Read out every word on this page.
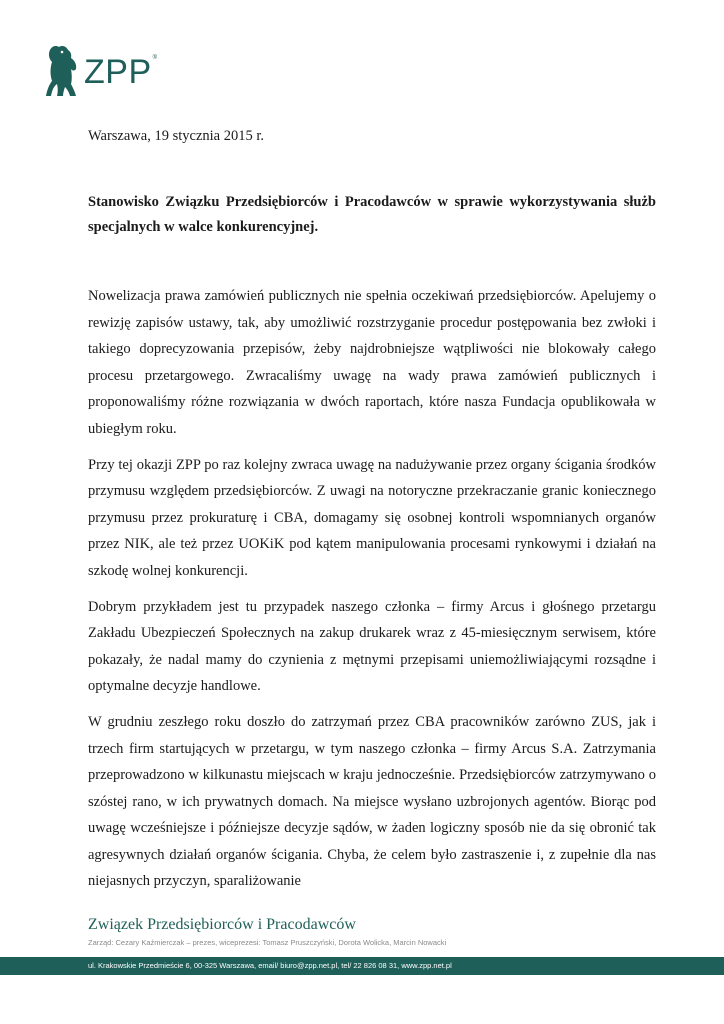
ZPP ®
Warszawa, 19 stycznia 2015 r.
Stanowisko Związku Przedsiębiorców i Pracodawców w sprawie wykorzystywania służb specjalnych w walce konkurencyjnej.

Nowelizacja prawa zamówień publicznych nie spełnia oczekiwań przedsiębiorców. Apelujemy o rewizję zapisów ustawy, tak, aby umożliwić rozstrzyganie procedur postępowania bez zwłoki i takiego doprecyzowania przepisów, żeby najdrobniejsze wątpliwości nie blokowały całego procesu przetargowego. Zwracaliśmy uwagę na wady prawa zamówień publicznych i proponowaliśmy różne rozwiązania w dwóch raportach, które nasza Fundacja opublikowała w ubiegłym roku.

Przy tej okazji ZPP po raz kolejny zwraca uwagę na nadużywanie przez organy ścigania środków przymusu względem przedsiębiorców. Z uwagi na notoryczne przekraczanie granic koniecznego przymusu przez prokuraturę i CBA, domagamy się osobnej kontroli wspomnianych organów przez NIK, ale też przez UOKiK pod kątem manipulowania procesami rynkowymi i działań na szkodę wolnej konkurencji.

Dobrym przykładem jest tu przypadek naszego członka – firmy Arcus i głośnego przetargu Zakładu Ubezpieczeń Społecznych na zakup drukarek wraz z 45-miesięcznym serwisem, które pokazały, że nadal mamy do czynienia z mętnymi przepisami uniemożliwiającymi rozsądne i optymalne decyzje handlowe.

W grudniu zeszłego roku doszło do zatrzymań przez CBA pracowników zarówno ZUS, jak i trzech firm startujących w przetargu, w tym naszego członka – firmy Arcus S.A. Zatrzymania przeprowadzono w kilkunastu miejscach w kraju jednocześnie. Przedsiębiorców zatrzymywano o szóstej rano, w ich prywatnych domach. Na miejsce wysłano uzbrojonych agentów. Biorąc pod uwagę wcześniejsze i późniejsze decyzje sądów, w żaden logiczny sposób nie da się obronić tak agresywnych działań organów ścigania. Chyba, że celem było zastraszenie i, z zupełnie dla nas niejasnych przyczyn, sparaliżowanie

Związek Przedsiębiorców i Pracodawców
Zarząd: Cezary Kaźmierczak – prezes, wiceprezesi: Tomasz Pruszczyński, Dorota Wolicka, Marcin Nowacki
ul. Krakowskie Przedmieście 6, 00-325 Warszawa, email/ biuro@zpp.net.pl, tel/ 22 826 08 31, www.zpp.net.pl
